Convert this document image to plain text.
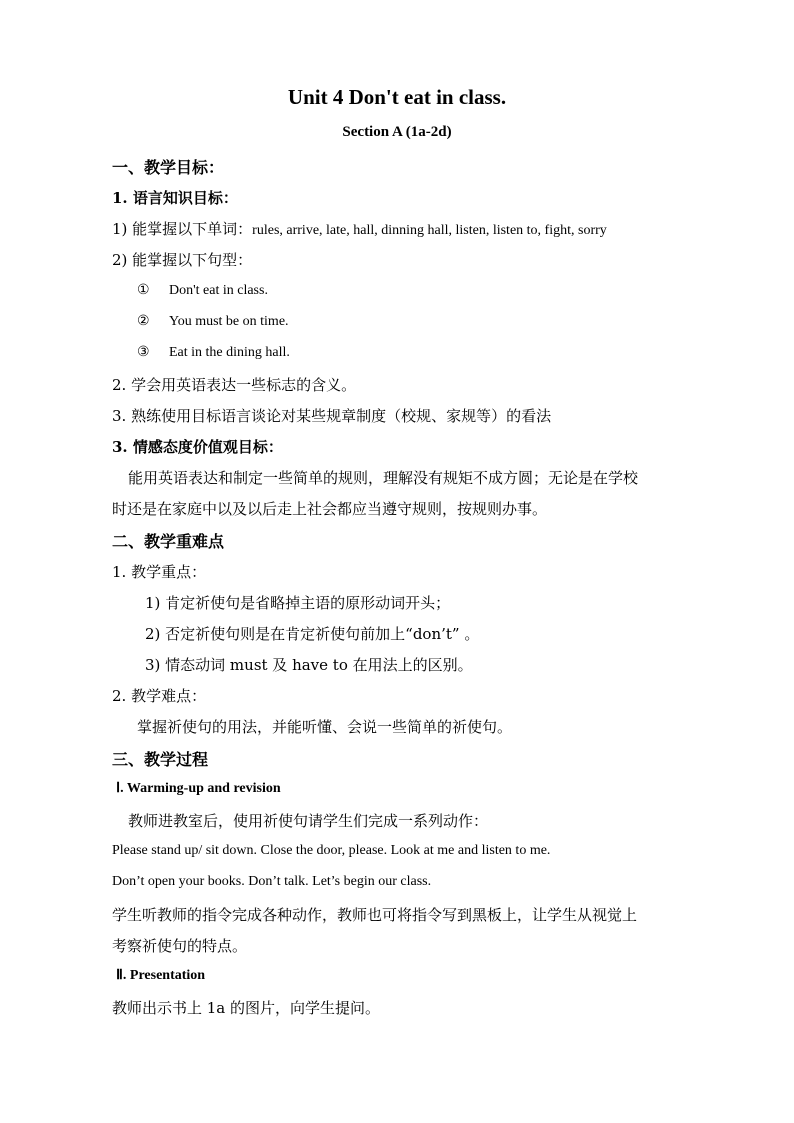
Unit 4 Don't eat in class.
Section A (1a-2d)
一、教学目标：
1. 语言知识目标：
1) 能掌握以下单词：rules, arrive, late, hall, dinning hall, listen, listen to, fight, sorry
2) 能掌握以下句型：
① Don't eat in class.
② You must be on time.
③ Eat in the dining hall.
2. 学会用英语表达一些标志的含义。
3. 熟练使用目标语言谈论对某些规章制度（校规、家规等）的看法
3. 情感态度价值观目标：
能用英语表达和制定一些简单的规则，理解没有规矩不成方圆；无论是在学校
时还是在家庭中以及以后走上社会都应当遵守规则，按规则办事。
二、教学重难点
1. 教学重点：
1) 肯定祈使句是省略掉主语的原形动词开头；
2) 否定祈使句则是在肯定祈使句前加上“don’t” 。
3) 情态动词 must 及 have to 在用法上的区别。
2. 教学难点：
掌握祈使句的用法，并能听懂、会说一些简单的祈使句。
三、教学过程
Ⅰ. Warming-up and revision
教师进教室后，使用祈使句请学生们完成一系列动作：
Please stand up/ sit down. Close the door, please. Look at me and listen to me.
Don’t open your books. Don’t talk. Let’s begin our class.
学生听教师的指令完成各种动作，教师也可将指令写到黑板上，让学生从视觉上
考察祈使句的特点。
Ⅱ. Presentation
教师出示书上 1a 的图片，向学生提问。
